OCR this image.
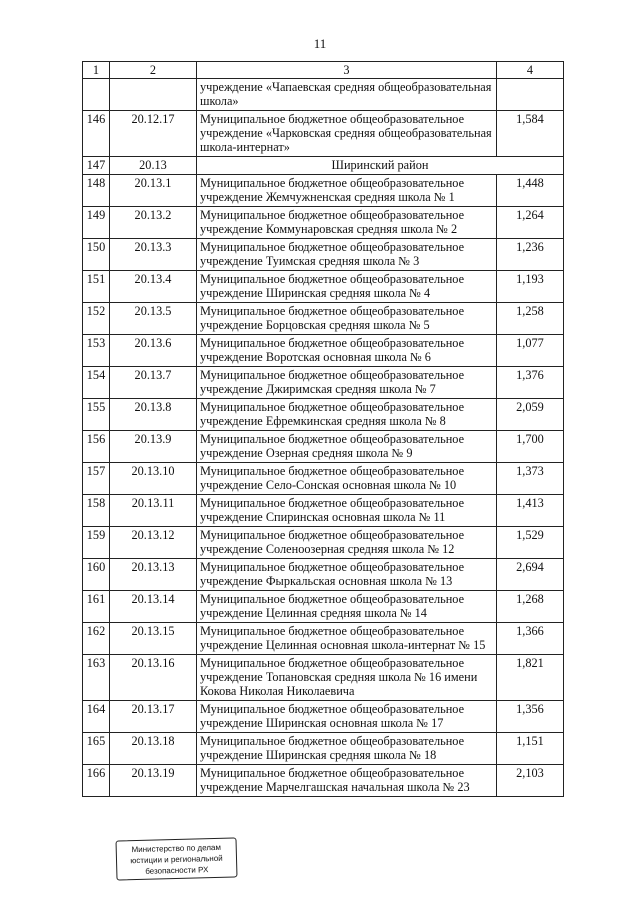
11
1	2	3	4
		учреждение «Чапаевская средняя общеобразовательная школа»	
146	20.12.17	Муниципальное бюджетное общеобразовательное учреждение «Чарковская средняя общеобразовательная школа-интернат»	1,584
147	20.13	Ширинский район	
148	20.13.1	Муниципальное бюджетное общеобразовательное учреждение Жемчужненская средняя школа № 1	1,448
149	20.13.2	Муниципальное бюджетное общеобразовательное учреждение Коммунаровская средняя школа № 2	1,264
150	20.13.3	Муниципальное бюджетное общеобразовательное учреждение Туимская средняя школа № 3	1,236
151	20.13.4	Муниципальное бюджетное общеобразовательное учреждение Ширинская средняя школа № 4	1,193
152	20.13.5	Муниципальное бюджетное общеобразовательное учреждение Борцовская средняя школа № 5	1,258
153	20.13.6	Муниципальное бюджетное общеобразовательное учреждение Воротская основная школа № 6	1,077
154	20.13.7	Муниципальное бюджетное общеобразовательное учреждение Джиримская средняя школа № 7	1,376
155	20.13.8	Муниципальное бюджетное общеобразовательное учреждение Ефремкинская средняя школа № 8	2,059
156	20.13.9	Муниципальное бюджетное общеобразовательное учреждение Озерная средняя школа № 9	1,700
157	20.13.10	Муниципальное бюджетное общеобразовательное учреждение Село-Сонская основная школа № 10	1,373
158	20.13.11	Муниципальное бюджетное общеобразовательное учреждение Спиринская основная школа № 11	1,413
159	20.13.12	Муниципальное бюджетное общеобразовательное учреждение Соленоозерная средняя школа № 12	1,529
160	20.13.13	Муниципальное бюджетное общеобразовательное учреждение Фыркальская основная школа № 13	2,694
161	20.13.14	Муниципальное бюджетное общеобразовательное учреждение Целинная средняя школа № 14	1,268
162	20.13.15	Муниципальное бюджетное общеобразовательное учреждение Целинная основная школа-интернат № 15	1,366
163	20.13.16	Муниципальное бюджетное общеобразовательное учреждение Топановская средняя школа № 16 имени Кокова Николая Николаевича	1,821
164	20.13.17	Муниципальное бюджетное общеобразовательное учреждение Ширинская основная школа № 17	1,356
165	20.13.18	Муниципальное бюджетное общеобразовательное учреждение Ширинская средняя школа № 18	1,151
166	20.13.19	Муниципальное бюджетное общеобразовательное учреждение Марчелгашская начальная школа № 23	2,103
Министерство по делам
юстиции и региональной
безопасности РХ
